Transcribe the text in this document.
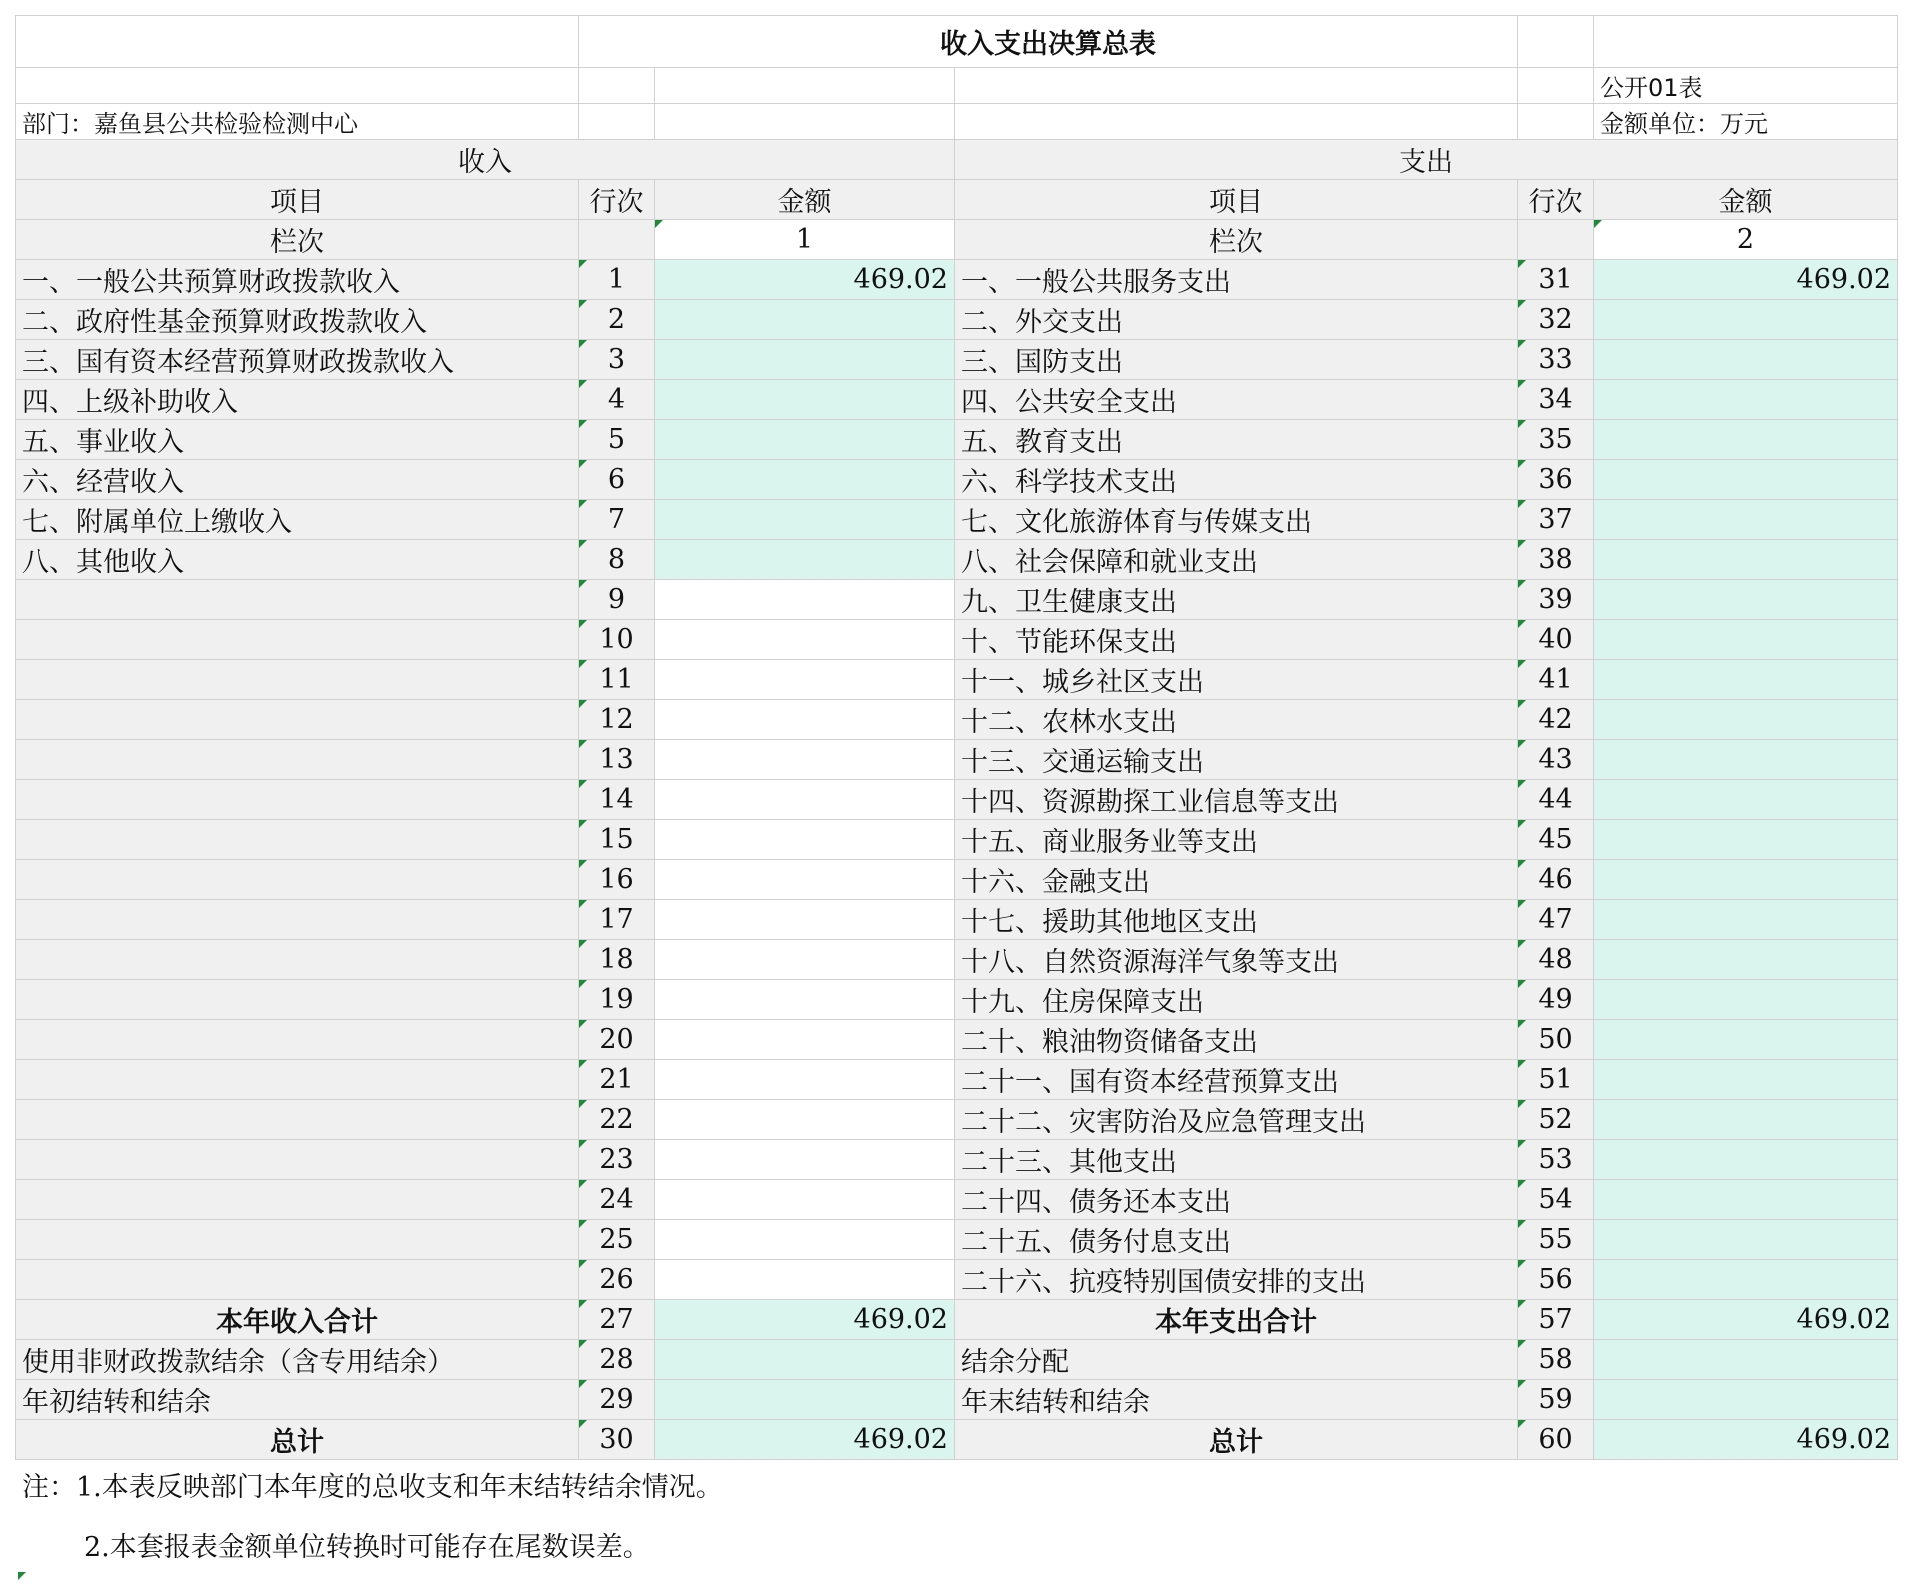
	收入支出决算总表				
					公开01表
部门：嘉鱼县公共检验检测中心					金额单位：万元
收入			支出		
项目	行次	金额	项目	行次	金额
栏次		1	栏次		2
一、一般公共预算财政拨款收入	1	469.02	一、一般公共服务支出	31	469.02
二、政府性基金预算财政拨款收入	2		二、外交支出	32	
三、国有资本经营预算财政拨款收入	3		三、国防支出	33	
四、上级补助收入	4		四、公共安全支出	34	
五、事业收入	5		五、教育支出	35	
六、经营收入	6		六、科学技术支出	36	
七、附属单位上缴收入	7		七、文化旅游体育与传媒支出	37	
八、其他收入	8		八、社会保障和就业支出	38	
	9		九、卫生健康支出	39	
	10		十、节能环保支出	40	
	11		十一、城乡社区支出	41	
	12		十二、农林水支出	42	
	13		十三、交通运输支出	43	
	14		十四、资源勘探工业信息等支出	44	
	15		十五、商业服务业等支出	45	
	16		十六、金融支出	46	
	17		十七、援助其他地区支出	47	
	18		十八、自然资源海洋气象等支出	48	
	19		十九、住房保障支出	49	
	20		二十、粮油物资储备支出	50	
	21		二十一、国有资本经营预算支出	51	
	22		二十二、灾害防治及应急管理支出	52	
	23		二十三、其他支出	53	
	24		二十四、债务还本支出	54	
	25		二十五、债务付息支出	55	
	26		二十六、抗疫特别国债安排的支出	56	
本年收入合计	27	469.02	本年支出合计	57	469.02
使用非财政拨款结余（含专用结余）	28		结余分配	58	
年初结转和结余	29		年末结转和结余	59	
总计	30	469.02	总计	60	469.02
注：1.本表反映部门本年度的总收支和年末结转结余情况。
2.本套报表金额单位转换时可能存在尾数误差。
